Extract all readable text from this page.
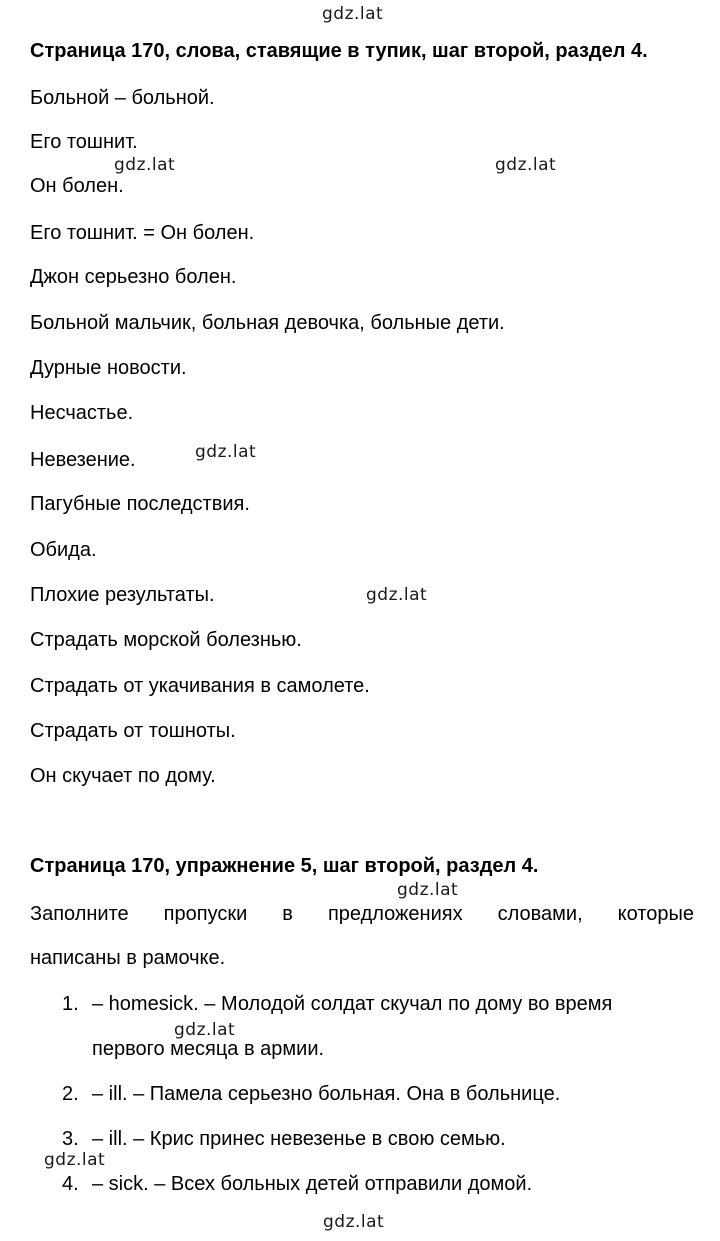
gdz.lat
gdz.lat	gdz.lat
gdz.lat
gdz.lat
gdz.lat
gdz.lat
gdz.lat
gdz.lat
Страница 170, слова, ставящие в тупик, шаг второй, раздел 4.
Больной – больной.
Его тошнит.
Он болен.
Его тошнит. = Он болен.
Джон серьезно болен.
Больной мальчик, больная девочка, больные дети.
Дурные новости.
Несчастье.
Невезение.
Пагубные последствия.
Обида.
Плохие результаты.
Страдать морской болезнью.
Страдать от укачивания в самолете.
Страдать от тошноты.
Он скучает по дому.
Страница 170, упражнение 5, шаг второй, раздел 4.
Заполните пропуски в предложениях словами, которые
написаны в рамочке.
1. – homesick. – Молодой солдат скучал по дому во время
первого месяца в армии.
2. – ill. – Памела серьезно больная. Она в больнице.
3. – ill. – Крис принес невезенье в свою семью.
4. – sick. – Всех больных детей отправили домой.
